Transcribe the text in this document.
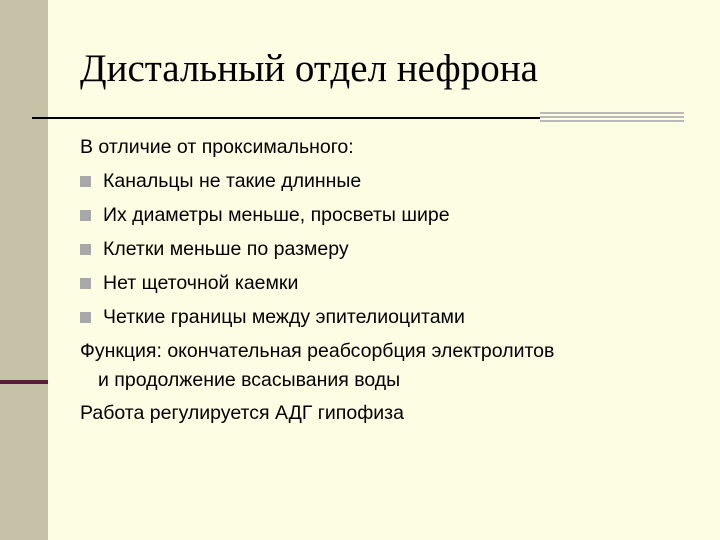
Дистальный отдел нефрона
В отличие от проксимального:
Канальцы не такие длинные
Их диаметры меньше, просветы шире
Клетки меньше по размеру
Нет щеточной каемки
Четкие границы между эпителиоцитами
Функция: окончательная реабсорбция электролитов
и продолжение всасывания воды
Работа регулируется АДГ гипофиза
